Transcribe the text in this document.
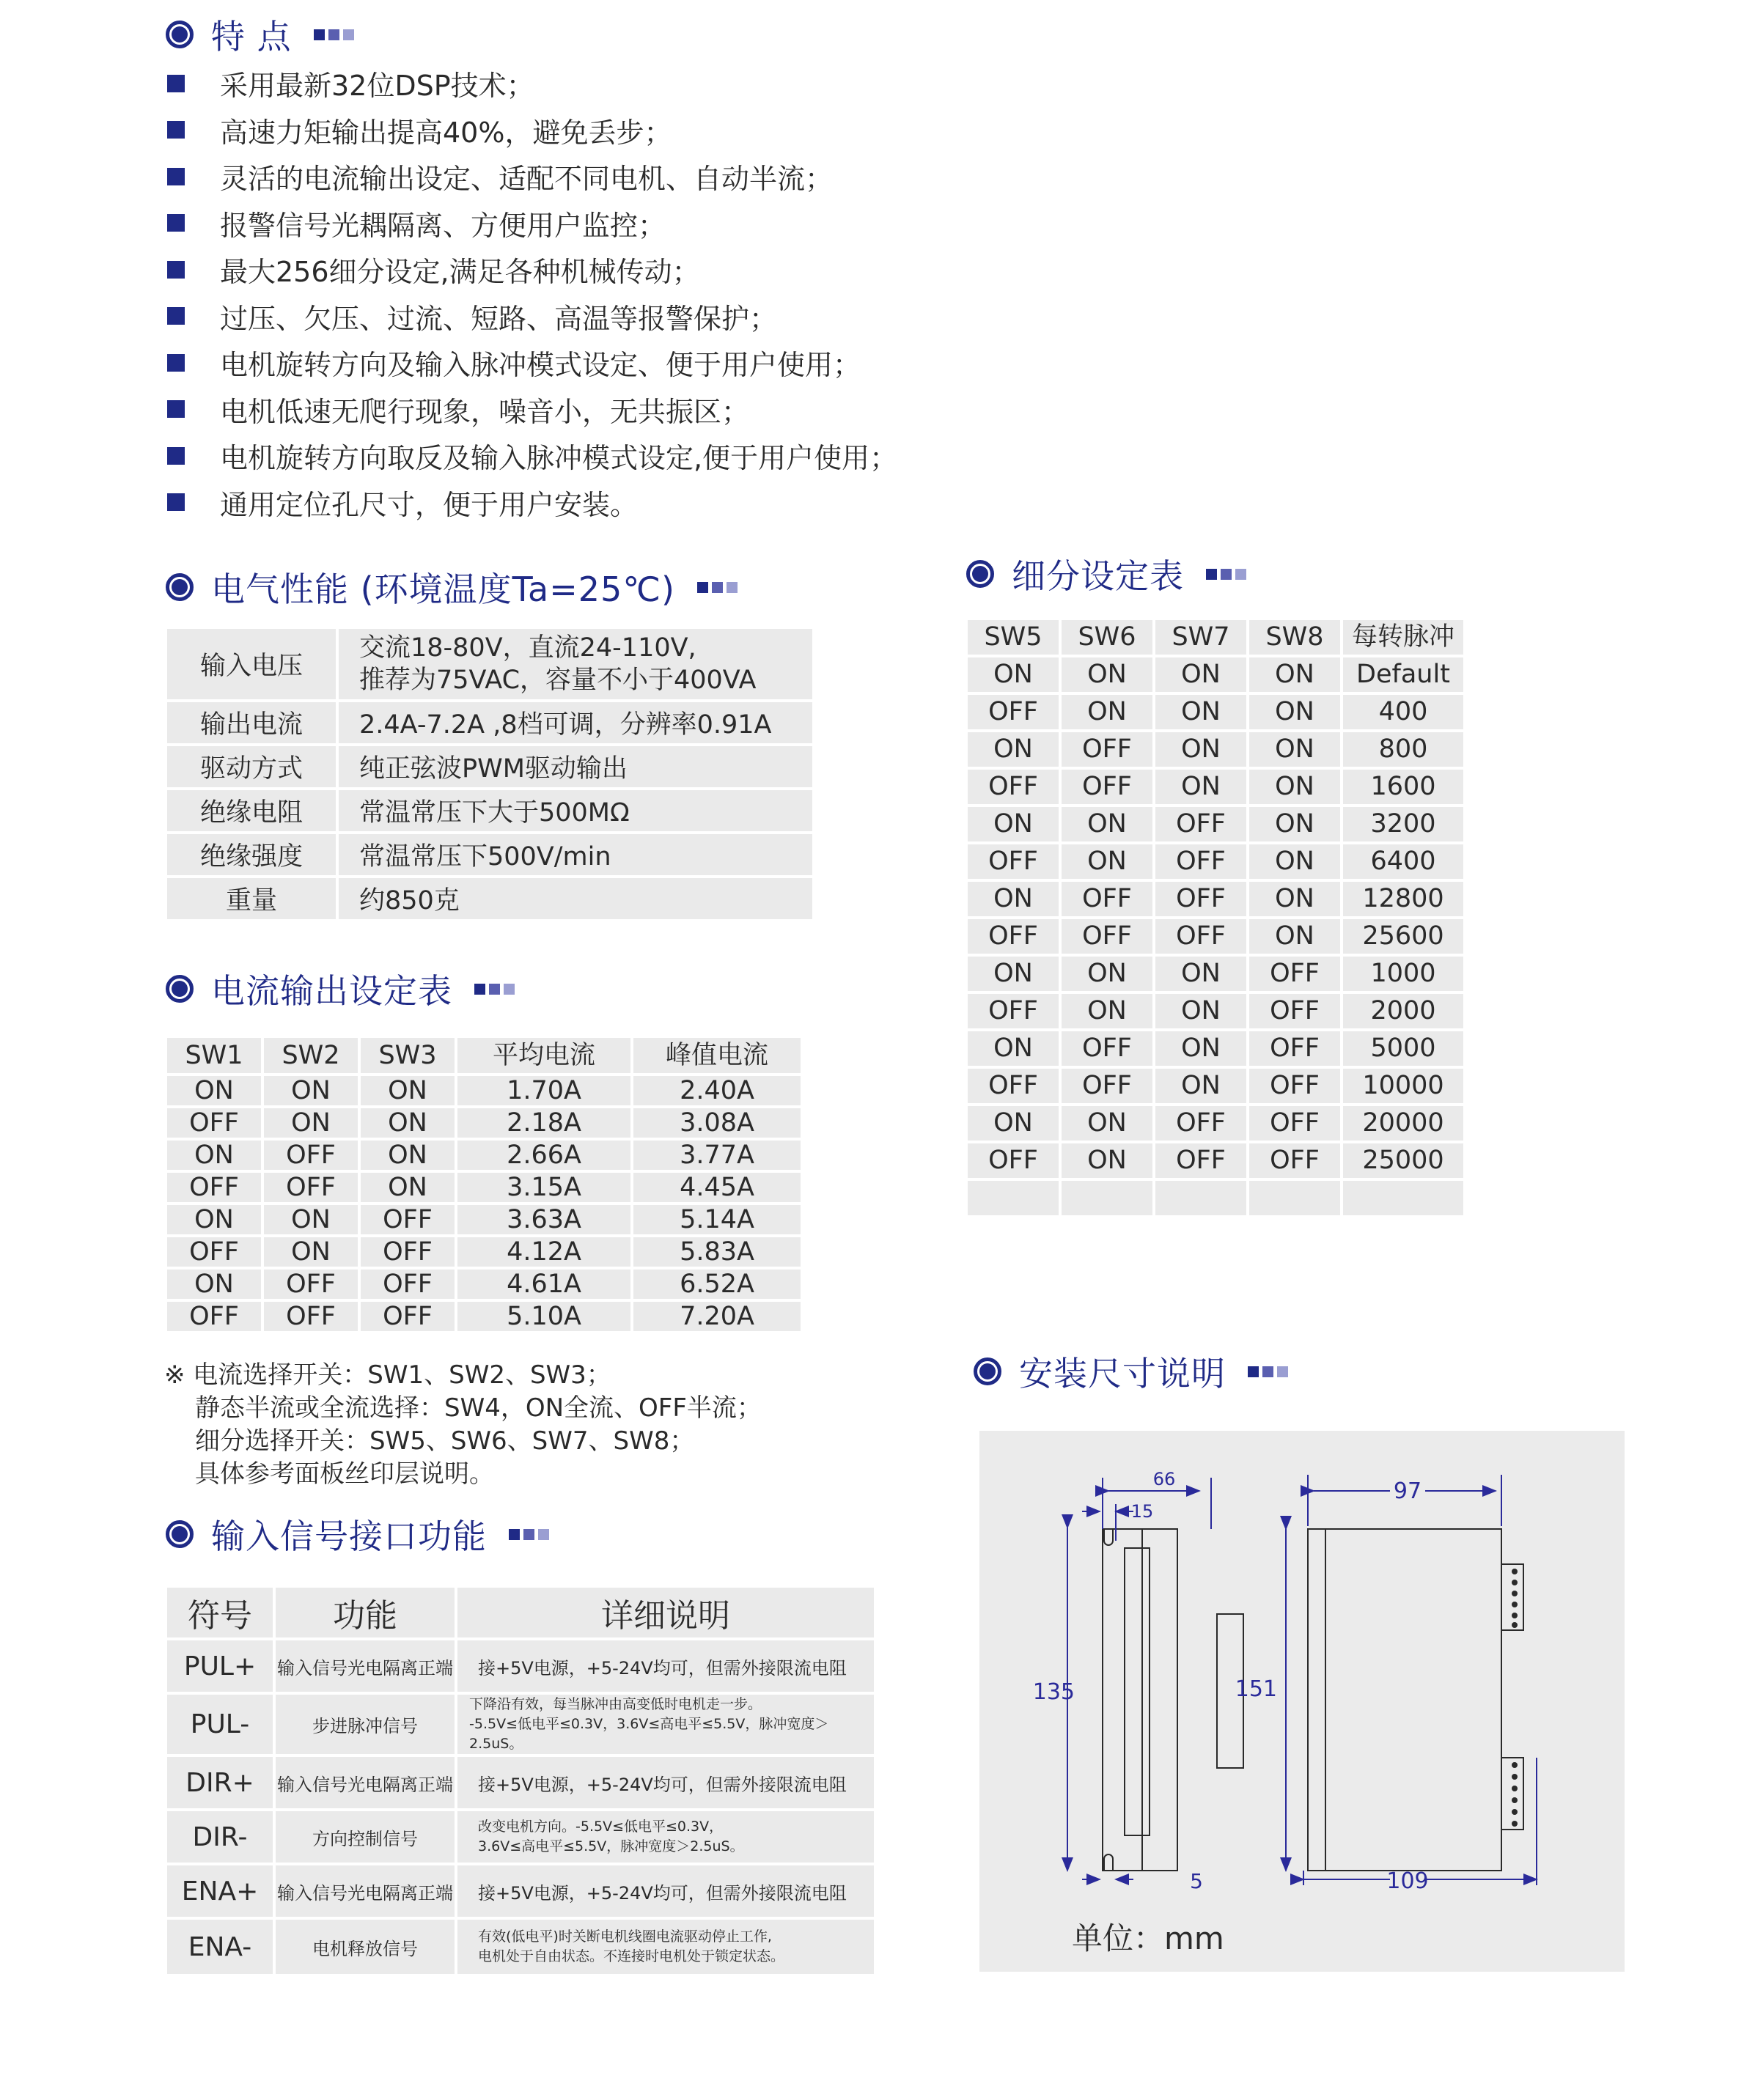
特 点
采用最新32位DSP技术；
高速力矩输出提高40%，避免丢步；
灵活的电流输出设定、适配不同电机、自动半流；
报警信号光耦隔离、方便用户监控；
最大256细分设定,满足各种机械传动；
过压、欠压、过流、短路、高温等报警保护；
电机旋转方向及输入脉冲模式设定、便于用户使用；
电机低速无爬行现象，噪音小，无共振区；
电机旋转方向取反及输入脉冲模式设定,便于用户使用；
通用定位孔尺寸，便于用户安装。
电气性能 (环境温度Ta=25℃)
输入电压	交流18-80V，直流24-110V,
推荐为75VAC，容量不小于400VA

输出电流	2.4A-7.2A ,8档可调，分辨率0.91A
驱动方式	纯正弦波PWM驱动输出
绝缘电阻	常温常压下大于500MΩ
绝缘强度	常温常压下500V/min
重量	约850克
电流输出设定表
SW1	SW2	SW3	平均电流	峰值电流
ON	ON	ON	1.70A	2.40A
OFF	ON	ON	2.18A	3.08A
ON	OFF	ON	2.66A	3.77A
OFF	OFF	ON	3.15A	4.45A
ON	ON	OFF	3.63A	5.14A
OFF	ON	OFF	4.12A	5.83A
ON	OFF	OFF	4.61A	6.52A
OFF	OFF	OFF	5.10A	7.20A
※ 电流选择开关：SW1、SW2、SW3；
静态半流或全流选择：SW4，ON全流、OFF半流；
细分选择开关：SW5、SW6、SW7、SW8；
具体参考面板丝印层说明。
输入信号接口功能
符号	功能	详细说明
PUL+	输入信号光电隔离正端	接+5V电源，+5-24V均可，但需外接限流电阻
PUL-	步进脉冲信号	下降沿有效，每当脉冲由高变低时电机走一步。
-5.5V≤低电平≤0.3V，3.6V≤高电平≤5.5V，脉冲宽度＞2.5uS。

DIR+	输入信号光电隔离正端	接+5V电源，+5-24V均可，但需外接限流电阻
DIR-	方向控制信号	改变电机方向。-5.5V≤低电平≤0.3V，
3.6V≤高电平≤5.5V，脉冲宽度＞2.5uS。

ENA+	输入信号光电隔离正端	接+5V电源，+5-24V均可，但需外接限流电阻
ENA-	电机释放信号	有效(低电平)时关断电机线圈电流驱动停止工作,
电机处于自由状态。不连接时电机处于锁定状态。
细分设定表
SW5	SW6	SW7	SW8	每转脉冲
ON	ON	ON	ON	Default
OFF	ON	ON	ON	400
ON	OFF	ON	ON	800
OFF	OFF	ON	ON	1600
ON	ON	OFF	ON	3200
OFF	ON	OFF	ON	6400
ON	OFF	OFF	ON	12800
OFF	OFF	OFF	ON	25600
ON	ON	ON	OFF	1000
OFF	ON	ON	OFF	2000
ON	OFF	ON	OFF	5000
OFF	OFF	ON	OFF	10000
ON	ON	OFF	OFF	20000
OFF	ON	OFF	OFF	25000

安装尺寸说明
66
15
97
135	151
5	109
单位：mm
